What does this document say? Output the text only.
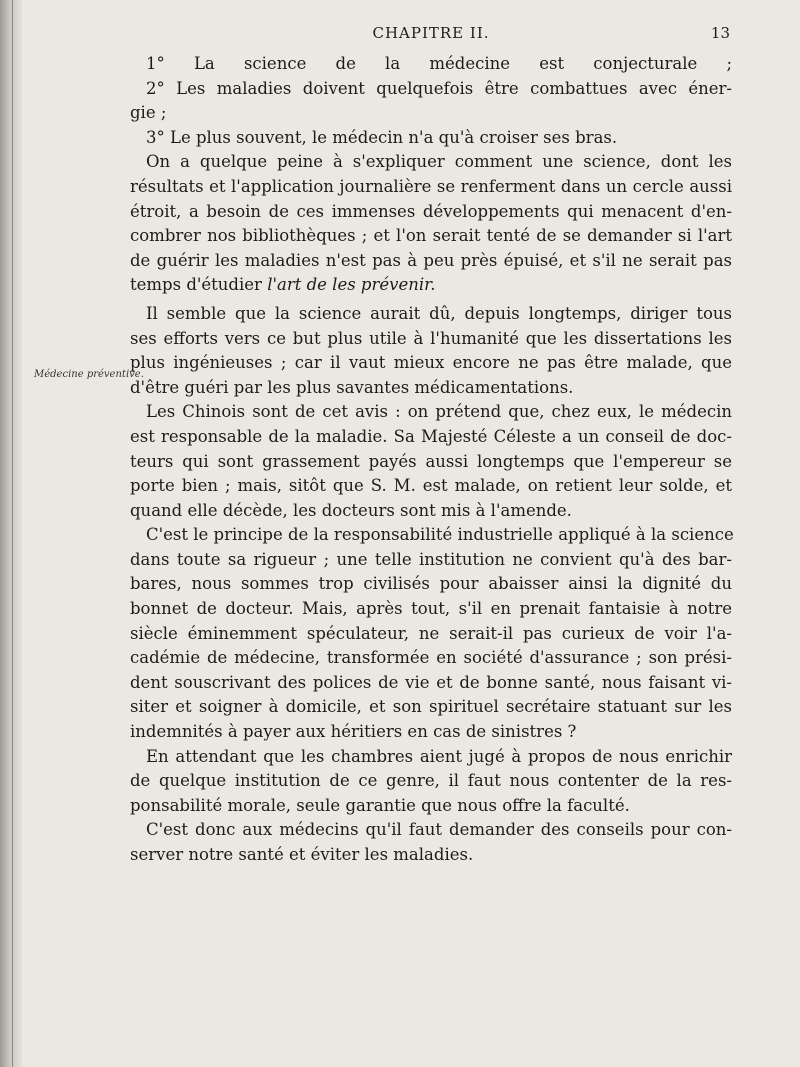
Médecine préventive.
CHAPITRE II.	13
1° La science de la médecine est conjecturale ;
2° Les maladies doivent quelquefois être combattues avec éner-
gie ;
3° Le plus souvent, le médecin n'a qu'à croiser ses bras.
On a quelque peine à s'expliquer comment une science, dont les
résultats et l'application journalière se renferment dans un cercle aussi
étroit, a besoin de ces immenses développements qui menacent d'en-
combrer nos bibliothèques ; et l'on serait tenté de se demander si l'art
de guérir les maladies n'est pas à peu près épuisé, et s'il ne serait pas
temps d'étudier l'art de les prévenir.
Il semble que la science aurait dû, depuis longtemps, diriger tous
ses efforts vers ce but plus utile à l'humanité que les dissertations les
plus ingénieuses ; car il vaut mieux encore ne pas être malade, que
d'être guéri par les plus savantes médicamentations.
Les Chinois sont de cet avis : on prétend que, chez eux, le médecin
est responsable de la maladie. Sa Majesté Céleste a un conseil de doc-
teurs qui sont grassement payés aussi longtemps que l'empereur se
porte bien ; mais, sitôt que S. M. est malade, on retient leur solde, et
quand elle décède, les docteurs sont mis à l'amende.
C'est le principe de la responsabilité industrielle appliqué à la science
dans toute sa rigueur ; une telle institution ne convient qu'à des bar-
bares, nous sommes trop civilisés pour abaisser ainsi la dignité du
bonnet de docteur. Mais, après tout, s'il en prenait fantaisie à notre
siècle éminemment spéculateur, ne serait-il pas curieux de voir l'a-
cadémie de médecine, transformée en société d'assurance ; son prési-
dent souscrivant des polices de vie et de bonne santé, nous faisant vi-
siter et soigner à domicile, et son spirituel secrétaire statuant sur les
indemnités à payer aux héritiers en cas de sinistres ?
En attendant que les chambres aient jugé à propos de nous enrichir
de quelque institution de ce genre, il faut nous contenter de la res-
ponsabilité morale, seule garantie que nous offre la faculté.
C'est donc aux médecins qu'il faut demander des conseils pour con-
server notre santé et éviter les maladies.
